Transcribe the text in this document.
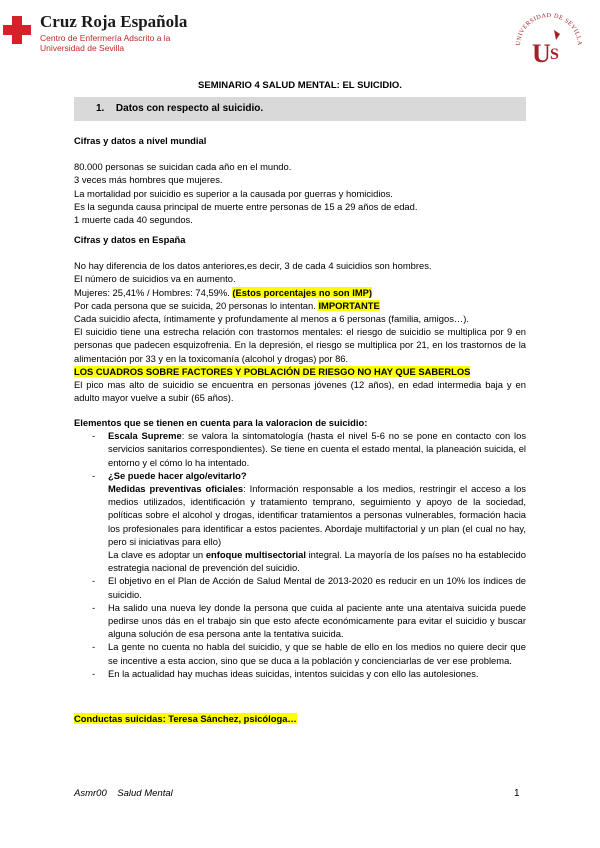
Cruz Roja Española
Centro de Enfermería Adscrito a la
Universidad de Sevilla	UNIVERSIDAD DE SEVILLA
U S
SEMINARIO 4 SALUD MENTAL: EL SUICIDIO.
1. Datos con respecto al suicidio.
Cifras y datos a nivel mundial
80.000 personas se suicidan cada año en el mundo.
3 veces más hombres que mujeres.
La mortalidad por suicidio es superior a la causada por guerras y homicidios.
Es la segunda causa principal de muerte entre personas de 15 a 29 años de edad.
1 muerte cada 40 segundos.
Cifras y datos en España
No hay diferencia de los datos anteriores,es decir, 3 de cada 4 suicidios son hombres.
El número de suicidios va en aumento.
Mujeres: 25,41% / Hombres: 74,59%. (Estos porcentajes no son IMP)
Por cada persona que se suicida, 20 personas lo intentan. IMPORTANTE
Cada suicidio afecta, íntimamente y profundamente al menos a 6 personas (familia, amigos…).
El suicidio tiene una estrecha relación con trastornos mentales: el riesgo de suicidio se multiplica por 9 en personas que padecen esquizofrenia. En la depresión, el riesgo se multiplica por 21, en los trastornos de la alimentación por 33 y en la toxicomanía (alcohol y drogas) por 86.
LOS CUADROS SOBRE FACTORES Y POBLACIÓN DE RIESGO NO HAY QUE SABERLOS
El pico mas alto de suicidio se encuentra en personas jóvenes (12 años), en edad intermedia baja y en adulto mayor vuelve a subir (65 años).
Elementos que se tienen en cuenta para la valoracion de suicidio:
- Escala Supreme: se valora la sintomatología (hasta el nivel 5-6 no se pone en contacto con los servicios sanitarios correspondientes). Se tiene en cuenta el estado mental, la planeación suicida, el entorno y el cómo lo ha intentado.
- ¿Se puede hacer algo/evitarlo?
Medidas preventivas oficiales: Información responsable a los medios, restringir el acceso a los medios utilizados, identificación y tratamiento temprano, seguimiento y apoyo de la sociedad, políticas sobre el alcohol y drogas, identificar tratamientos a personas vulnerables, formación hacia los profesionales para identificar a estos pacientes. Abordaje multifactorial y un plan (el cual no hay, pero si iniciativas para ello)
La clave es adoptar un enfoque multisectorial integral. La mayoría de los países no ha establecido estrategia nacional de prevención del suicidio.
- El objetivo en el Plan de Acción de Salud Mental de 2013-2020 es reducir en un 10% los índices de suicidio.
- Ha salido una nueva ley donde la persona que cuida al paciente ante una atentaiva suicida puede pedirse unos dás en el trabajo sin que esto afecte económicamente para evitar el suicidio y buscar alguna solución de esa persona ante la tentativa suicida.
- La gente no cuenta no habla del suicidio, y que se hable de ello en los medios no quiere decir que se incentive a esta accion, sino que se duca a la población y concienciarlas de ver ese problema.
- En la actualidad hay muchas ideas suicidas, intentos suicidas y con ello las autolesiones.
Conductas suicidas: Teresa Sánchez, psicóloga…
Asmr00    Salud Mental	1
